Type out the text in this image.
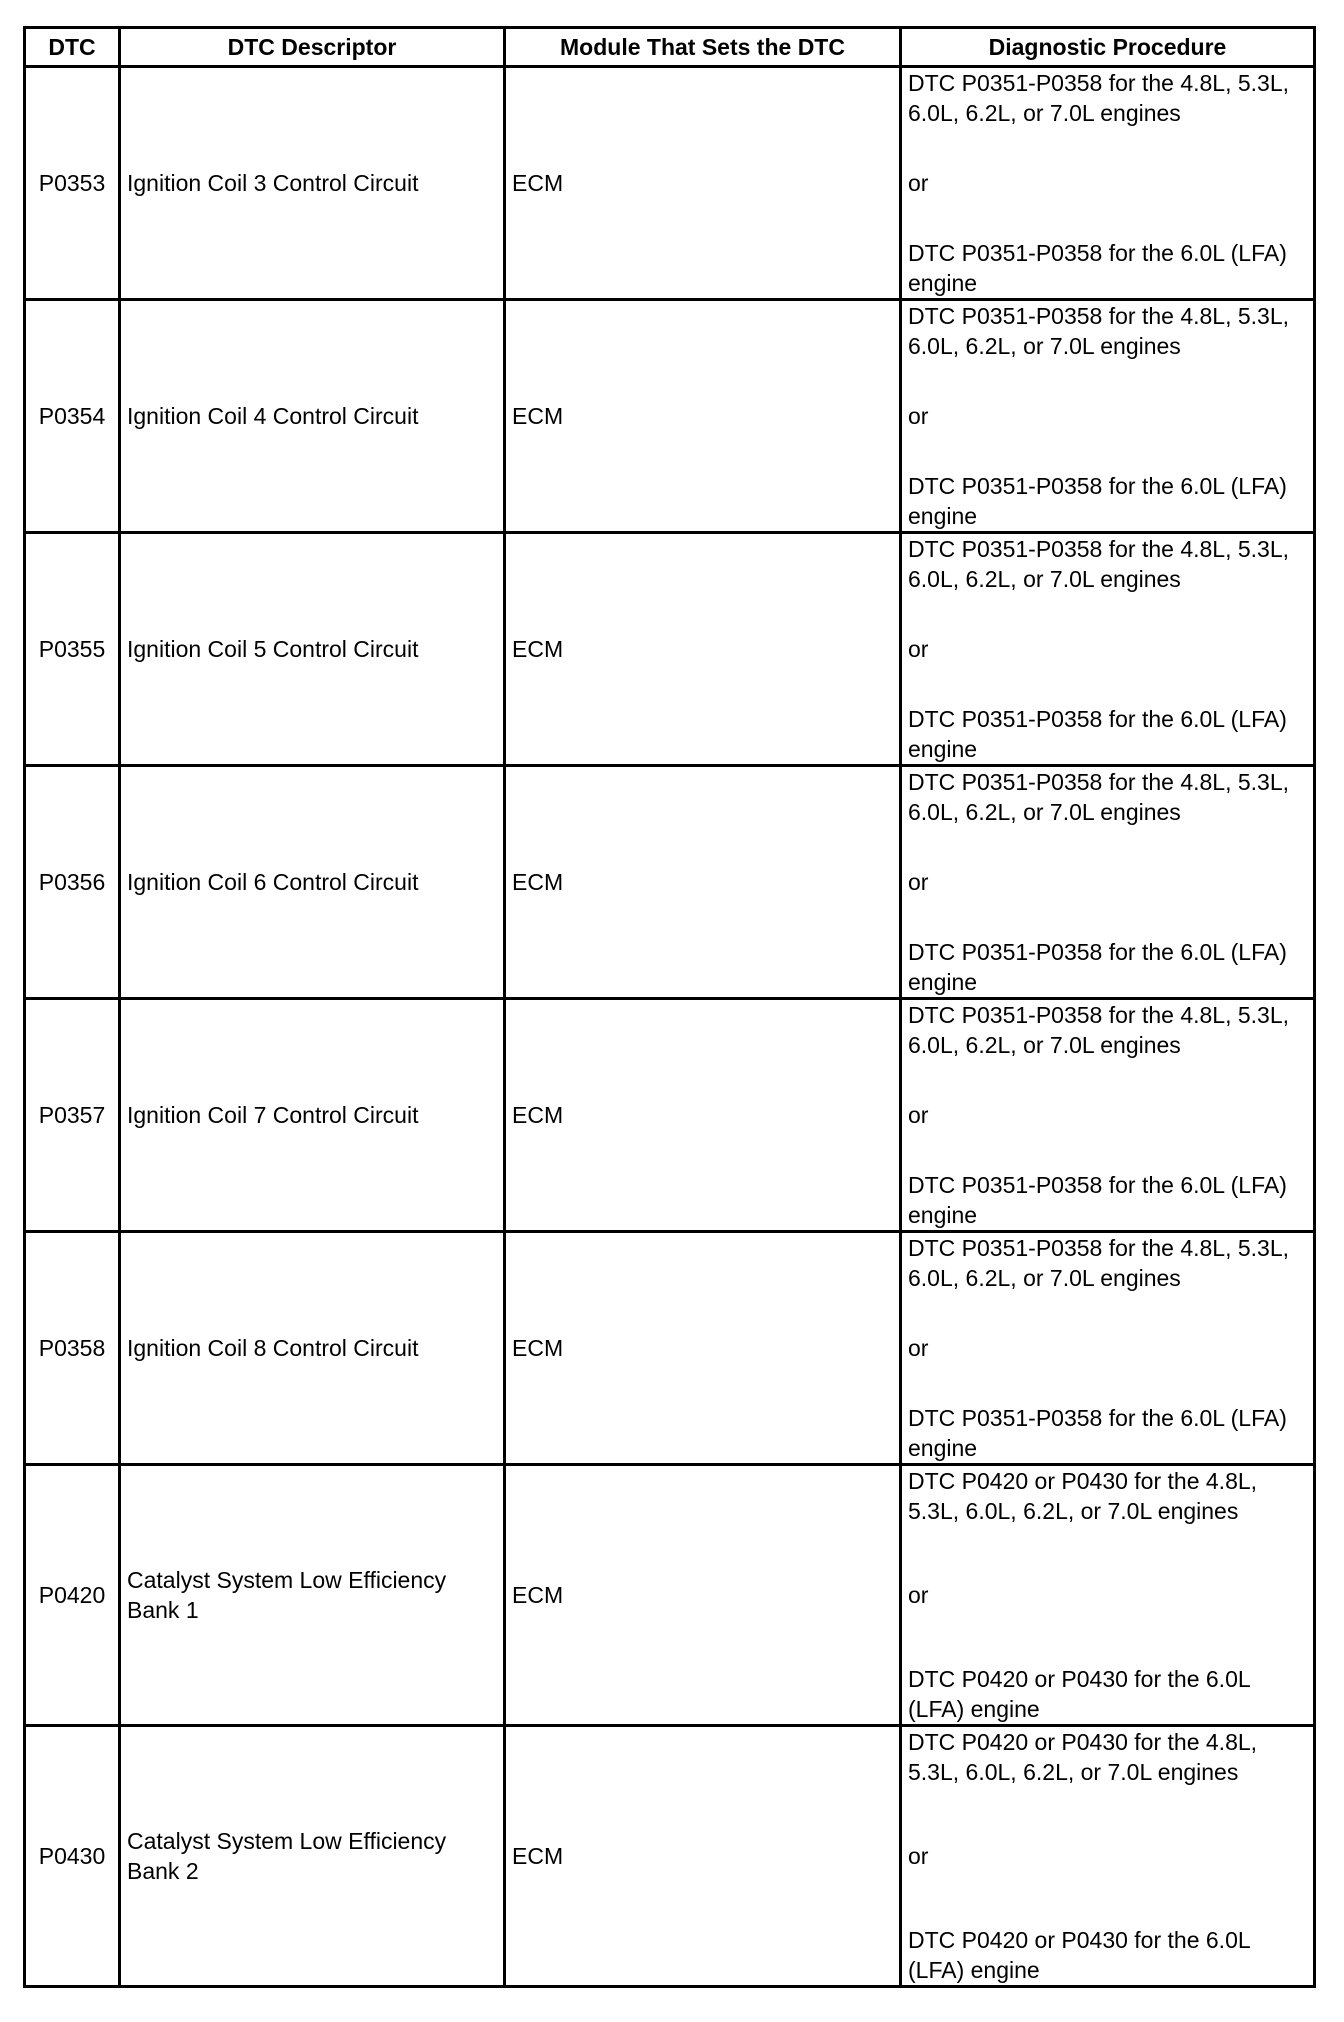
DTC	DTC Descriptor	Module That Sets the DTC	Diagnostic Procedure
P0353	Ignition Coil 3 Control Circuit	ECM	DTC P0351-P0358 for the 4.8L, 5.3L, 6.0L, 6.2L, or 7.0L engines
or
DTC P0351-P0358 for the 6.0L (LFA) engine

P0354	Ignition Coil 4 Control Circuit	ECM	DTC P0351-P0358 for the 4.8L, 5.3L, 6.0L, 6.2L, or 7.0L engines
or
DTC P0351-P0358 for the 6.0L (LFA) engine

P0355	Ignition Coil 5 Control Circuit	ECM	DTC P0351-P0358 for the 4.8L, 5.3L, 6.0L, 6.2L, or 7.0L engines
or
DTC P0351-P0358 for the 6.0L (LFA) engine

P0356	Ignition Coil 6 Control Circuit	ECM	DTC P0351-P0358 for the 4.8L, 5.3L, 6.0L, 6.2L, or 7.0L engines
or
DTC P0351-P0358 for the 6.0L (LFA) engine

P0357	Ignition Coil 7 Control Circuit	ECM	DTC P0351-P0358 for the 4.8L, 5.3L, 6.0L, 6.2L, or 7.0L engines
or
DTC P0351-P0358 for the 6.0L (LFA) engine

P0358	Ignition Coil 8 Control Circuit	ECM	DTC P0351-P0358 for the 4.8L, 5.3L, 6.0L, 6.2L, or 7.0L engines
or
DTC P0351-P0358 for the 6.0L (LFA) engine

P0420	Catalyst System Low Efficiency Bank 1	ECM	DTC P0420 or P0430 for the 4.8L, 5.3L, 6.0L, 6.2L, or 7.0L engines
or
DTC P0420 or P0430 for the 6.0L (LFA) engine

P0430	Catalyst System Low Efficiency Bank 2	ECM	DTC P0420 or P0430 for the 4.8L, 5.3L, 6.0L, 6.2L, or 7.0L engines
or
DTC P0420 or P0430 for the 6.0L (LFA) engine
